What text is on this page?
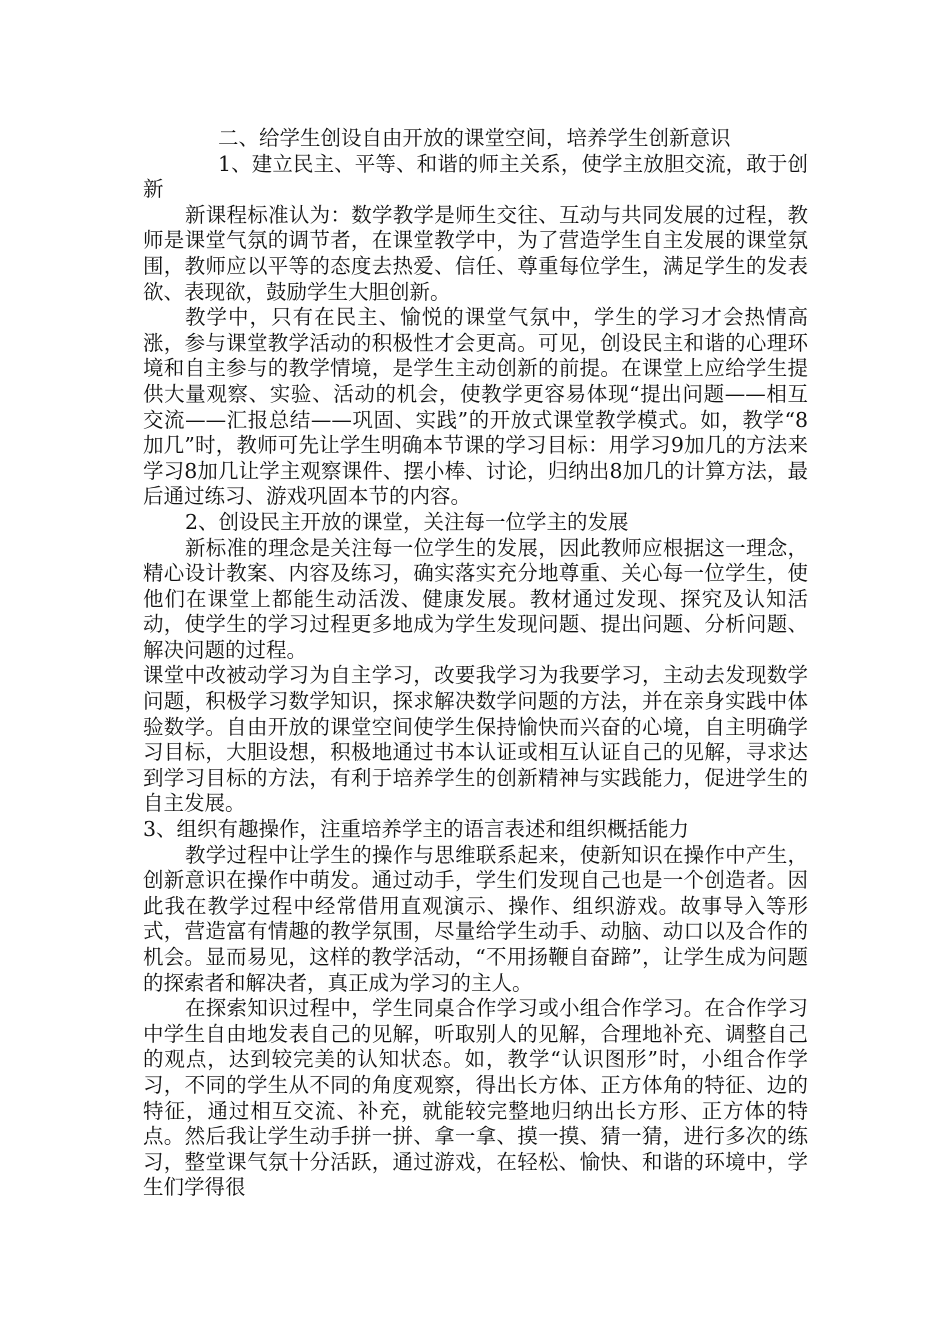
二、给学生创设自由开放的课堂空间，培养学生创新意识

1、建立民主、平等、和谐的师主关系，使学主放胆交流，敢于创新

新课程标准认为：数学教学是师生交往、互动与共同发展的过程，教师是课堂气氛的调节者，在课堂教学中，为了营造学生自主发展的课堂氛围，教师应以平等的态度去热爱、信任、尊重每位学生，满足学生的发表欲、表现欲，鼓励学生大胆创新。

教学中，只有在民主、愉悦的课堂气氛中，学生的学习才会热情高涨，参与课堂教学活动的积极性才会更高。可见，创设民主和谐的心理环境和自主参与的教学情境，是学生主动创新的前提。在课堂上应给学生提供大量观察、实验、活动的机会，使教学更容易体现“提出问题——相互交流——汇报总结——巩固、实践”的开放式课堂教学模式。如，教学“8加几”时，教师可先让学生明确本节课的学习目标：用学习9加几的方法来学习8加几让学主观察课件、摆小棒、讨论，归纳出8加几的计算方法，最后通过练习、游戏巩固本节的内容。

2、创设民主开放的课堂，关注每一位学主的发展

新标准的理念是关注每一位学生的发展，因此教师应根据这一理念，精心设计教案、内容及练习，确实落实充分地尊重、关心每一位学生，使他们在课堂上都能生动活泼、健康发展。教材通过发现、探究及认知活动，使学生的学习过程更多地成为学生发现问题、提出问题、分析问题、解决问题的过程。

课堂中改被动学习为自主学习，改要我学习为我要学习，主动去发现数学问题，积极学习数学知识，探求解决数学问题的方法，并在亲身实践中体验数学。自由开放的课堂空间使学生保持愉快而兴奋的心境，自主明确学习目标，大胆设想，积极地通过书本认证或相互认证自己的见解，寻求达到学习目标的方法，有利于培养学生的创新精神与实践能力，促进学生的自主发展。

3、组织有趣操作，注重培养学主的语言表述和组织概括能力

教学过程中让学生的操作与思维联系起来，使新知识在操作中产生，创新意识在操作中萌发。通过动手，学生们发现自己也是一个创造者。因此我在教学过程中经常借用直观演示、操作、组织游戏。故事导入等形式，营造富有情趣的教学氛围，尽量给学生动手、动脑、动口以及合作的机会。显而易见，这样的教学活动，“不用扬鞭自奋蹄”，让学生成为问题的探索者和解决者，真正成为学习的主人。

在探索知识过程中，学生同桌合作学习或小组合作学习。在合作学习中学生自由地发表自己的见解，听取别人的见解，合理地补充、调整自己的观点，达到较完美的认知状态。如，教学“认识图形”时，小组合作学习，不同的学生从不同的角度观察，得出长方体、正方体角的特征、边的特征，通过相互交流、补充，就能较完整地归纳出长方形、正方体的特点。然后我让学生动手拼一拼、拿一拿、摸一摸、猜一猜，进行多次的练习，整堂课气氛十分活跃，通过游戏，在轻松、愉快、和谐的环境中，学生们学得很
